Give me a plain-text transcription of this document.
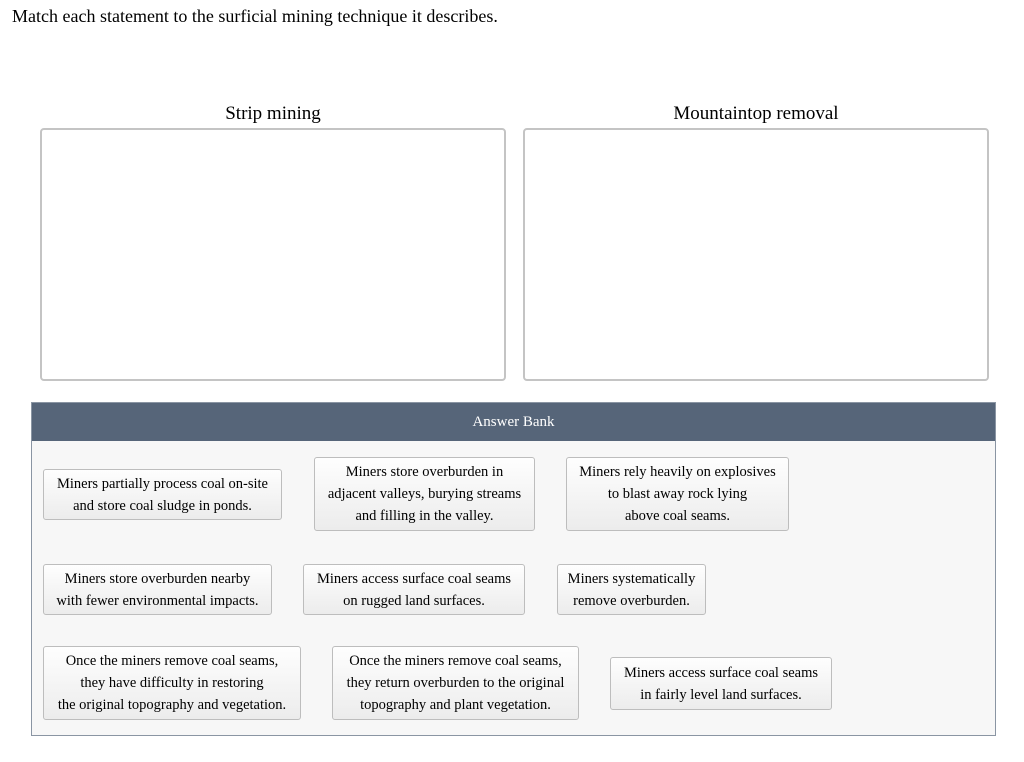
Match each statement to the surficial mining technique it describes.
Strip mining	Mountaintop removal
Answer Bank
Miners partially process coal on-site
and store coal sludge in ponds.
Miners store overburden in
adjacent valleys, burying streams
and filling in the valley.
Miners rely heavily on explosives
to blast away rock lying
above coal seams.
Miners store overburden nearby
with fewer environmental impacts.
Miners access surface coal seams
on rugged land surfaces.
Miners systematically
remove overburden.
Once the miners remove coal seams,
they have difficulty in restoring
the original topography and vegetation.
Once the miners remove coal seams,
they return overburden to the original
topography and plant vegetation.
Miners access surface coal seams
in fairly level land surfaces.
